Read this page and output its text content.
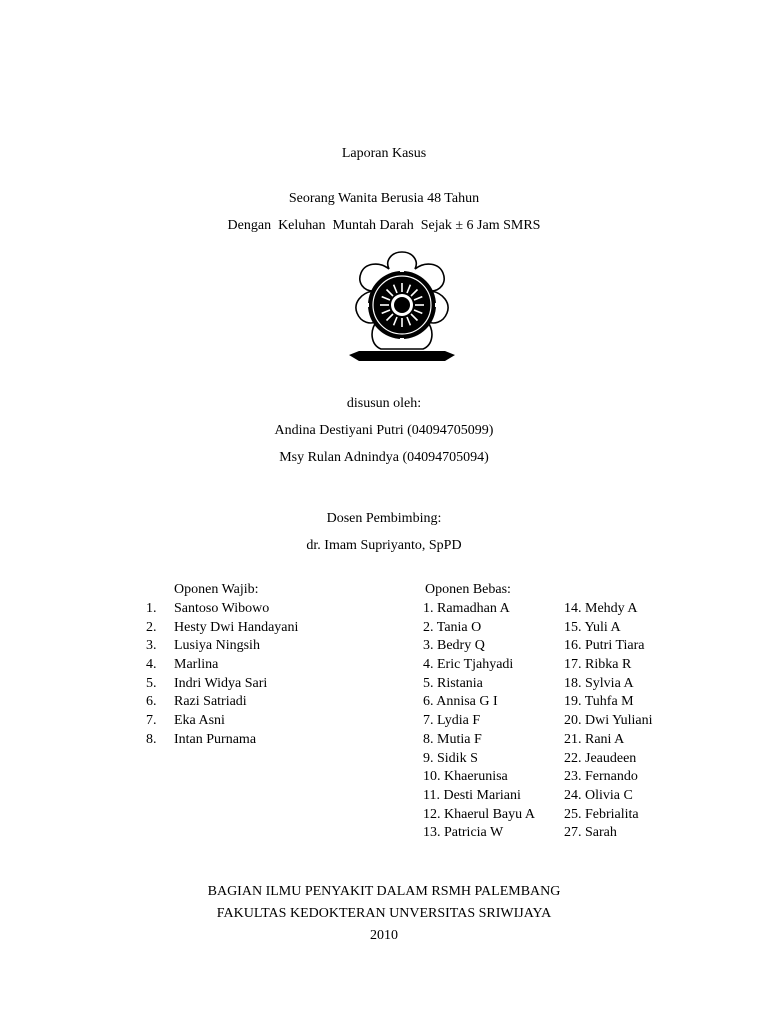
Laporan Kasus
Seorang Wanita Berusia 48 Tahun
Dengan  Keluhan  Muntah Darah  Sejak ± 6 Jam SMRS
disusun oleh:
Andina Destiyani Putri (04094705099)
Msy Rulan Adnindya (04094705094)
Dosen Pembimbing:
dr. Imam Supriyanto, SpPD
Oponen Wajib:
1. Santoso Wibowo
2. Hesty Dwi Handayani
3. Lusiya Ningsih
4. Marlina
5. Indri Widya Sari
6. Razi Satriadi
7. Eka Asni
8. Intan Purnama
Oponen Bebas:
1. Ramadhan A
2. Tania O
3. Bedry Q
4. Eric Tjahyadi
5. Ristania
6. Annisa G I
7. Lydia F
8. Mutia F
9. Sidik S
10. Khaerunisa
11. Desti Mariani
12. Khaerul Bayu A
13. Patricia W
14. Mehdy A
15. Yuli A
16. Putri Tiara
17. Ribka R
18. Sylvia A
19. Tuhfa M
20. Dwi Yuliani
21. Rani A
22. Jeaudeen
23. Fernando
24. Olivia C
25. Febrialita
27. Sarah
BAGIAN ILMU PENYAKIT DALAM RSMH PALEMBANG
FAKULTAS KEDOKTERAN UNVERSITAS SRIWIJAYA
2010
